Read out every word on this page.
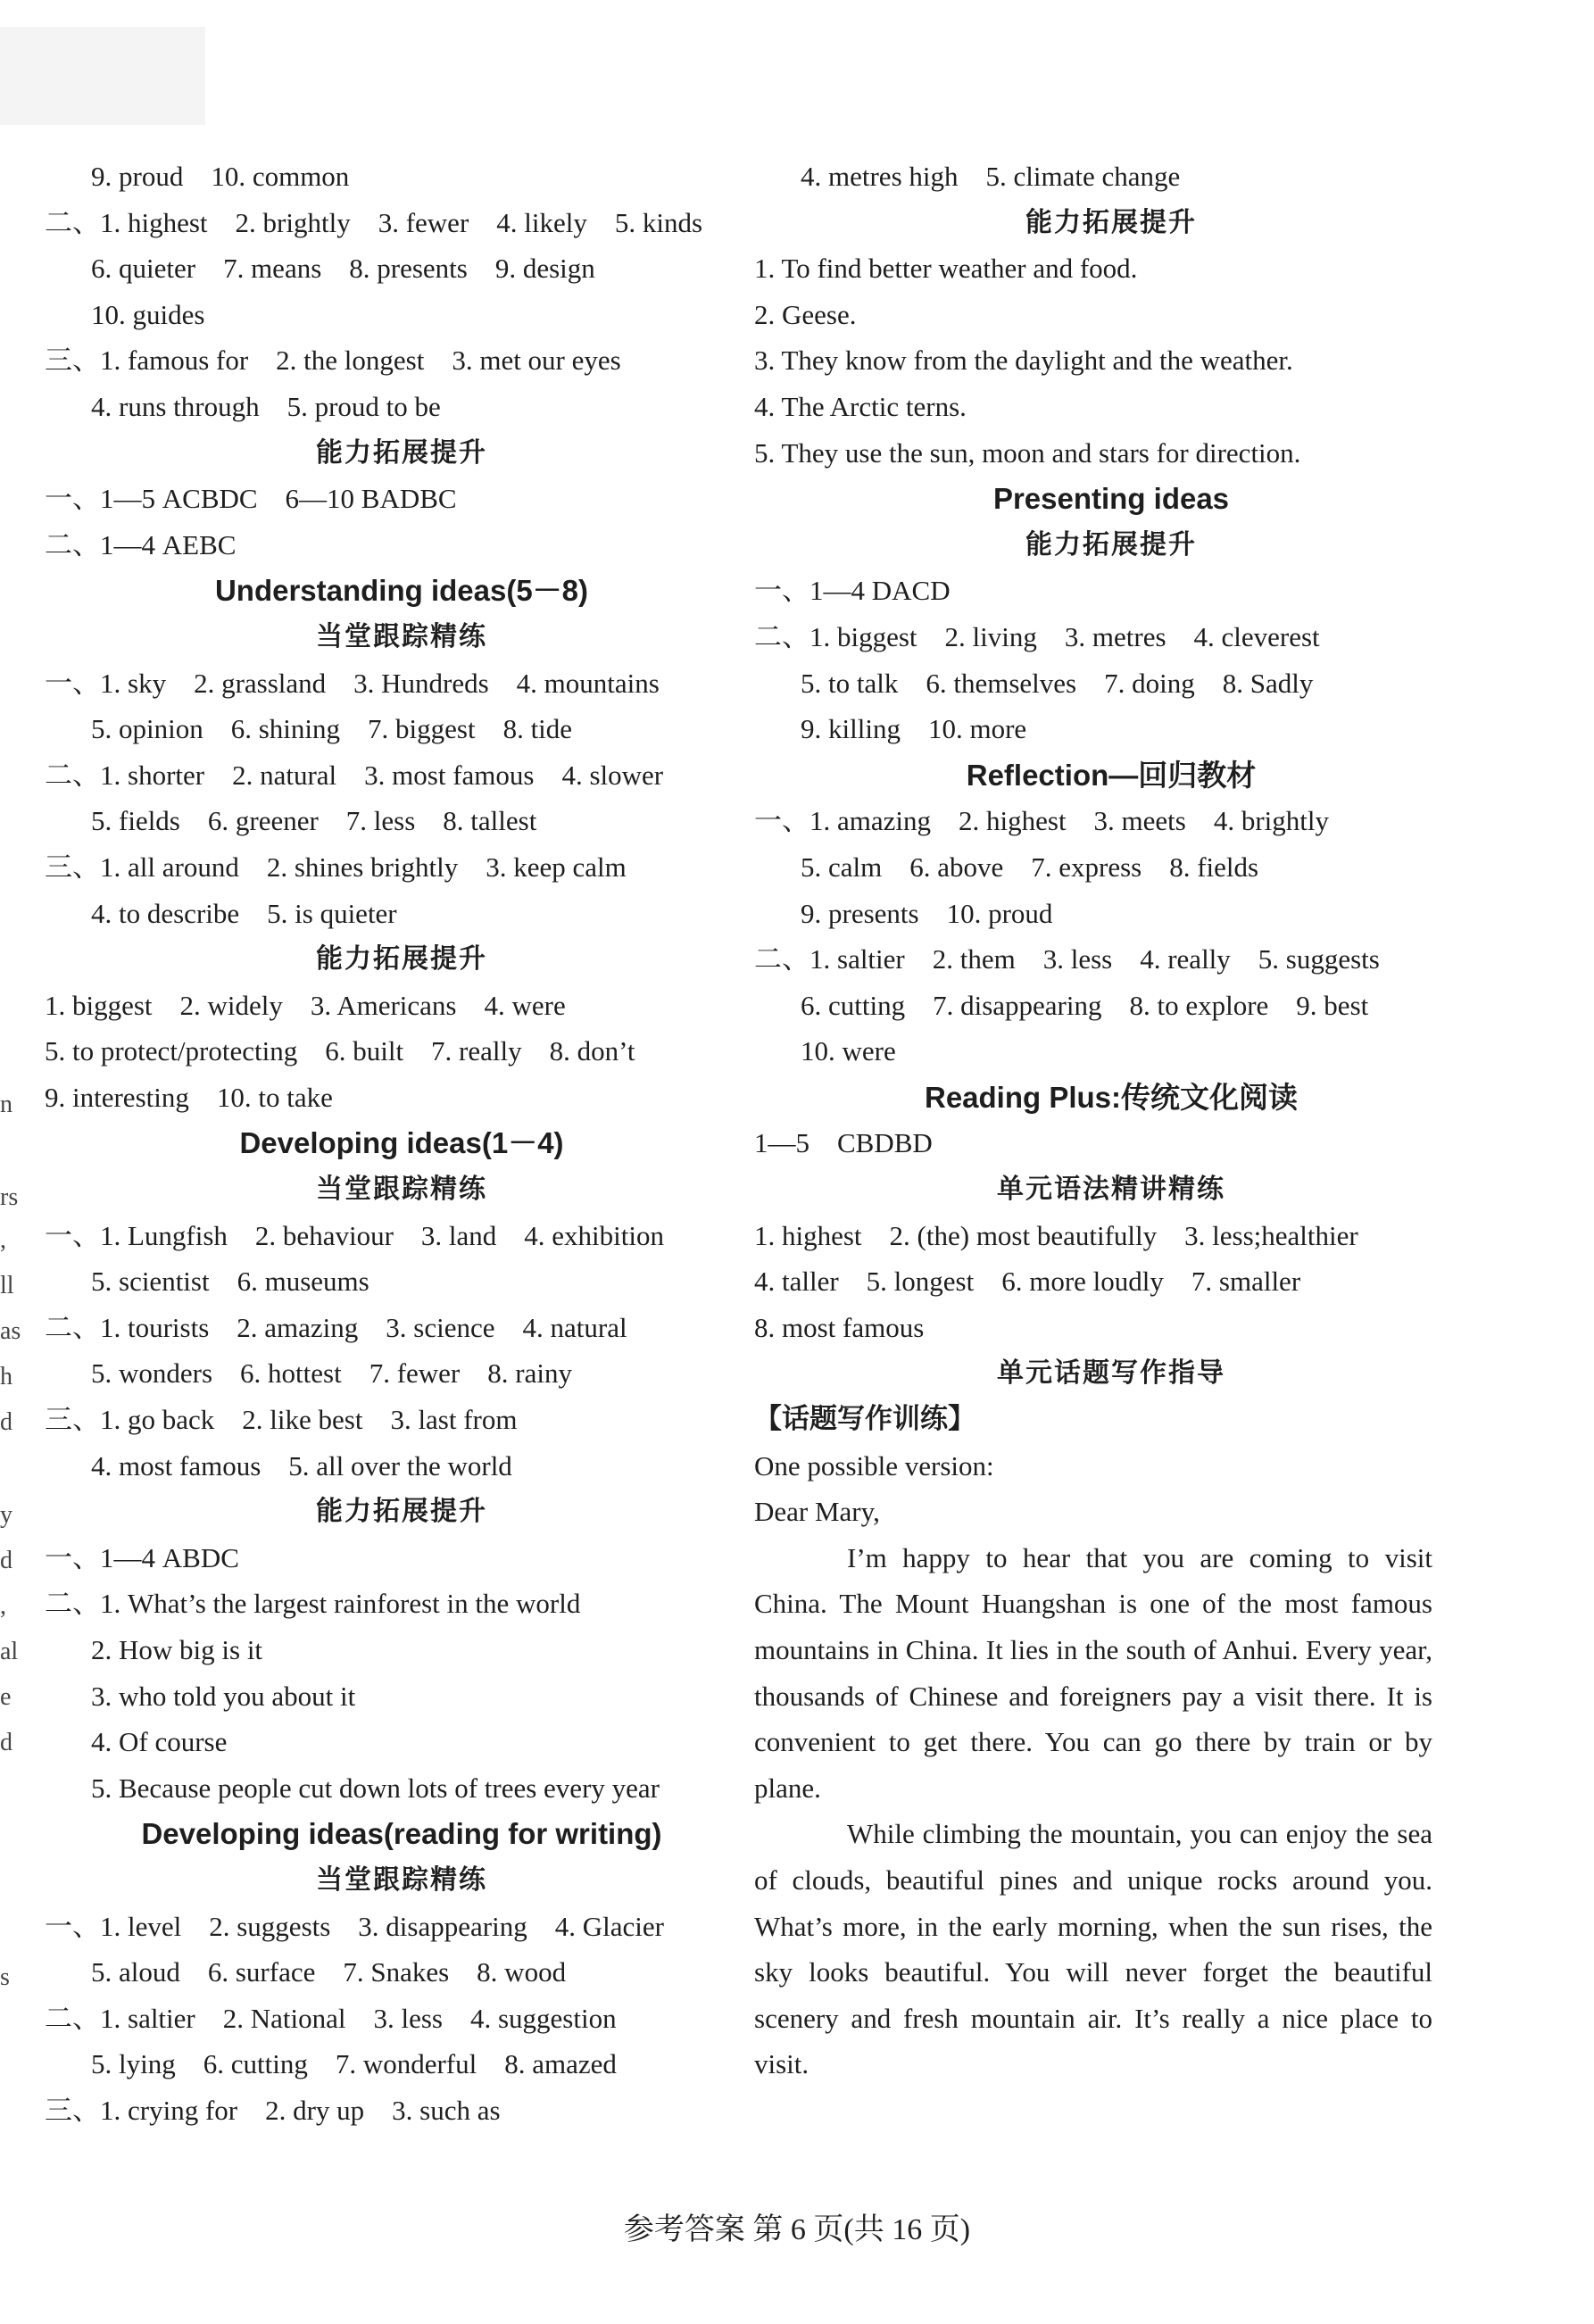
9. proud    10. common
二、1. highest    2. brightly    3. fewer    4. likely    5. kinds
6. quieter    7. means    8. presents    9. design
10. guides
三、1. famous for    2. the longest    3. met our eyes
4. runs through    5. proud to be
能力拓展提升
一、1—5 ACBDC    6—10 BADBC
二、1—4 AEBC
Understanding ideas(5－8)
当堂跟踪精练
一、1. sky    2. grassland    3. Hundreds    4. mountains
5. opinion    6. shining    7. biggest    8. tide
二、1. shorter    2. natural    3. most famous    4. slower
5. fields    6. greener    7. less    8. tallest
三、1. all around    2. shines brightly    3. keep calm
4. to describe    5. is quieter
能力拓展提升
1. biggest    2. widely    3. Americans    4. were
5. to protect/protecting    6. built    7. really    8. don’t
9. interesting    10. to take
Developing ideas(1－4)
当堂跟踪精练
一、1. Lungfish    2. behaviour    3. land    4. exhibition
5. scientist    6. museums
二、1. tourists    2. amazing    3. science    4. natural
5. wonders    6. hottest    7. fewer    8. rainy
三、1. go back    2. like best    3. last from
4. most famous    5. all over the world
能力拓展提升
一、1—4 ABDC
二、1. What’s the largest rainforest in the world
2. How big is it
3. who told you about it
4. Of course
5. Because people cut down lots of trees every year
Developing ideas(reading for writing)
当堂跟踪精练
一、1. level    2. suggests    3. disappearing    4. Glacier
5. aloud    6. surface    7. Snakes    8. wood
二、1. saltier    2. National    3. less    4. suggestion
5. lying    6. cutting    7. wonderful    8. amazed
三、1. crying for    2. dry up    3. such as
4. metres high    5. climate change
能力拓展提升
1. To find better weather and food.
2. Geese.
3. They know from the daylight and the weather.
4. The Arctic terns.
5. They use the sun, moon and stars for direction.
Presenting ideas
能力拓展提升
一、1—4 DACD
二、1. biggest    2. living    3. metres    4. cleverest
5. to talk    6. themselves    7. doing    8. Sadly
9. killing    10. more
Reflection—回归教材
一、1. amazing    2. highest    3. meets    4. brightly
5. calm    6. above    7. express    8. fields
9. presents    10. proud
二、1. saltier    2. them    3. less    4. really    5. suggests
6. cutting    7. disappearing    8. to explore    9. best
10. were
Reading Plus:传统文化阅读
1—5    CBDBD
单元语法精讲精练
1. highest    2. (the) most beautifully    3. less;healthier
4. taller    5. longest    6. more loudly    7. smaller
8. most famous
单元话题写作指导
【话题写作训练】
One possible version:
Dear Mary,
I’m happy to hear that you are coming to visit China. The Mount Huangshan is one of the most famous mountains in China. It lies in the south of Anhui. Every year, thousands of Chinese and foreigners pay a visit there. It is convenient to get there. You can go there by train or by plane.
While climbing the mountain, you can enjoy the sea of clouds, beautiful pines and unique rocks around you. What’s more, in the early morning, when the sun rises, the sky looks beautiful. You will never forget the beautiful scenery and fresh mountain air. It’s really a nice place to visit.
n
rs
,
ll
as
h
d
y
d
,
al
e
d
s
参考答案 第 6 页(共 16 页)
